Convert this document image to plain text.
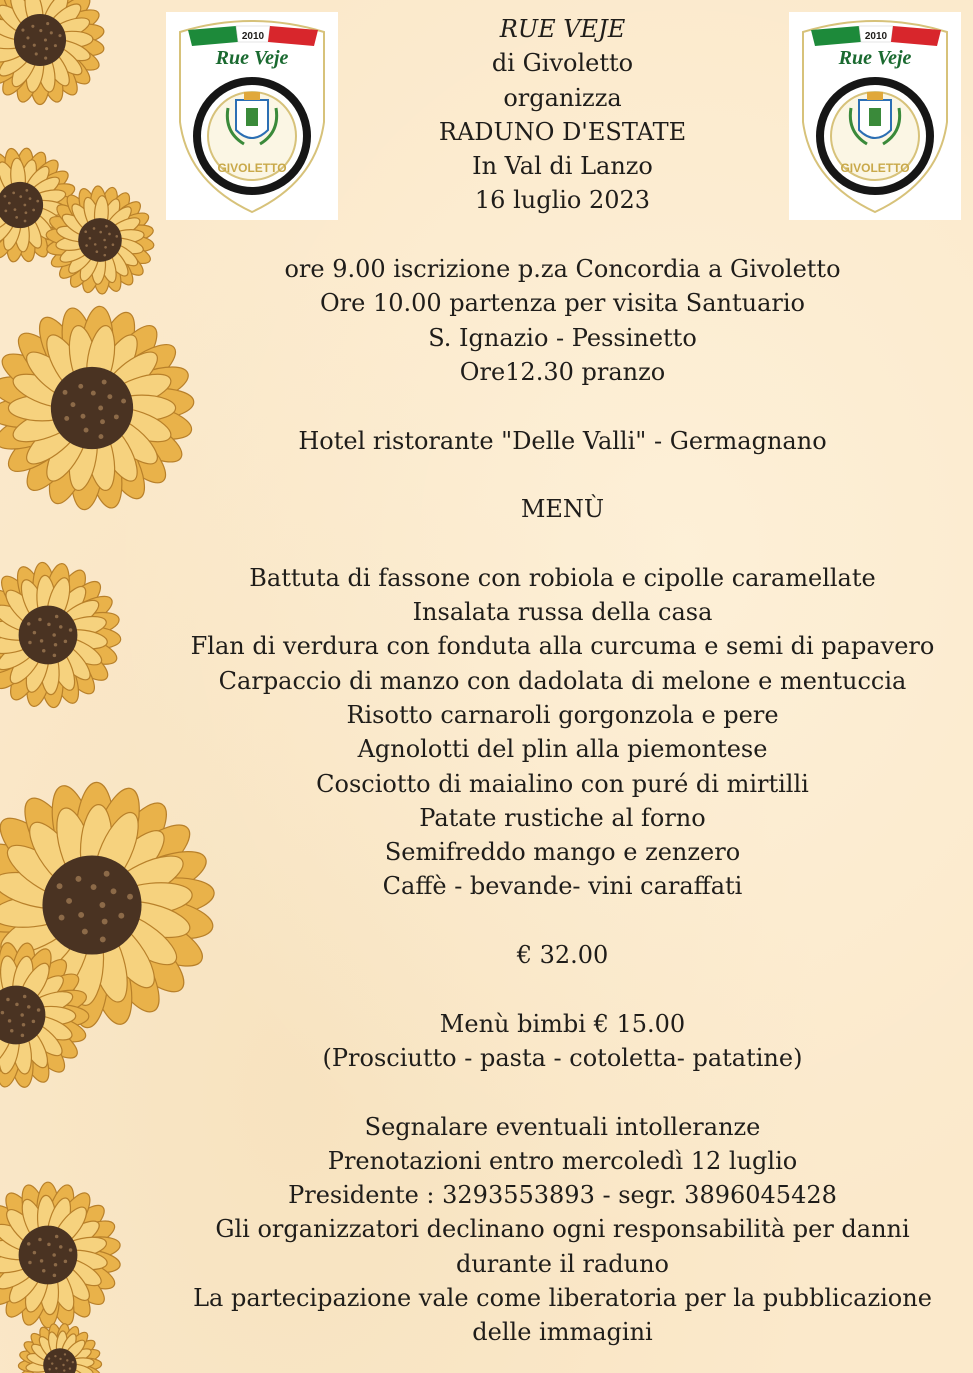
2010
Rue Veje
GIVOLETTO
2010
Rue Veje
GIVOLETTO
RUE VEJE
di Givoletto
organizza
RADUNO D'ESTATE
In Val di Lanzo
16 luglio 2023
ore 9.00 iscrizione p.za Concordia a Givoletto
Ore 10.00 partenza per visita Santuario
S. Ignazio - Pessinetto
Ore12.30 pranzo
Hotel ristorante "Delle Valli" - Germagnano
MENÙ
Battuta di fassone con robiola e cipolle caramellate
Insalata russa della casa
Flan di verdura con fonduta alla curcuma e semi di papavero
Carpaccio di manzo con dadolata di melone e mentuccia
Risotto carnaroli gorgonzola e pere
Agnolotti del plin alla piemontese
Cosciotto di maialino con puré di mirtilli
Patate rustiche al forno
Semifreddo mango e zenzero
Caffè - bevande- vini caraffati
€ 32.00
Menù bimbi € 15.00
(Prosciutto - pasta - cotoletta- patatine)
Segnalare eventuali intolleranze
Prenotazioni entro mercoledì 12 luglio
Presidente : 3293553893 - segr. 3896045428
Gli organizzatori declinano ogni responsabilità per danni
durante il raduno
La partecipazione vale come liberatoria per la pubblicazione
delle immagini
